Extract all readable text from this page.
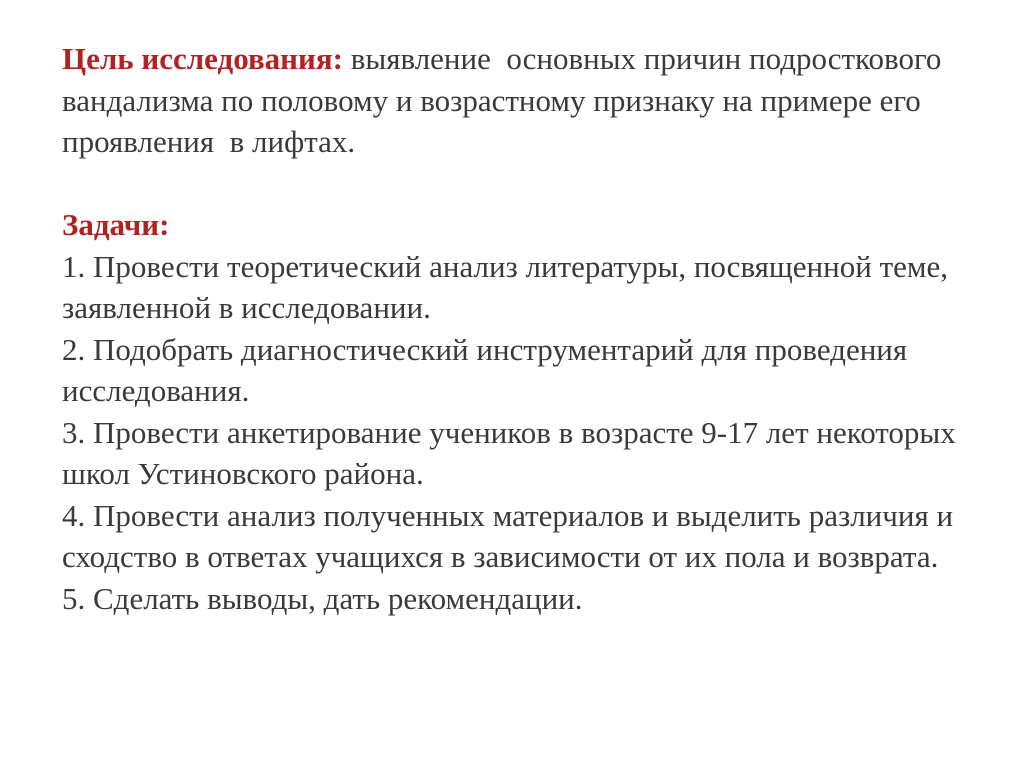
Цель исследования: выявление  основных причин подросткового вандализма по половому и возрастному признаку на примере его проявления  в лифтах.

Задачи:

1. Провести теоретический анализ литературы, посвященной теме, заявленной в исследовании.

2. Подобрать диагностический инструментарий для проведения исследования.

3. Провести анкетирование учеников в возрасте 9-17 лет некоторых школ Устиновского района.

4. Провести анализ полученных материалов и выделить различия и сходство в ответах учащихся в зависимости от их пола и возврата.

5. Сделать выводы, дать рекомендации.
